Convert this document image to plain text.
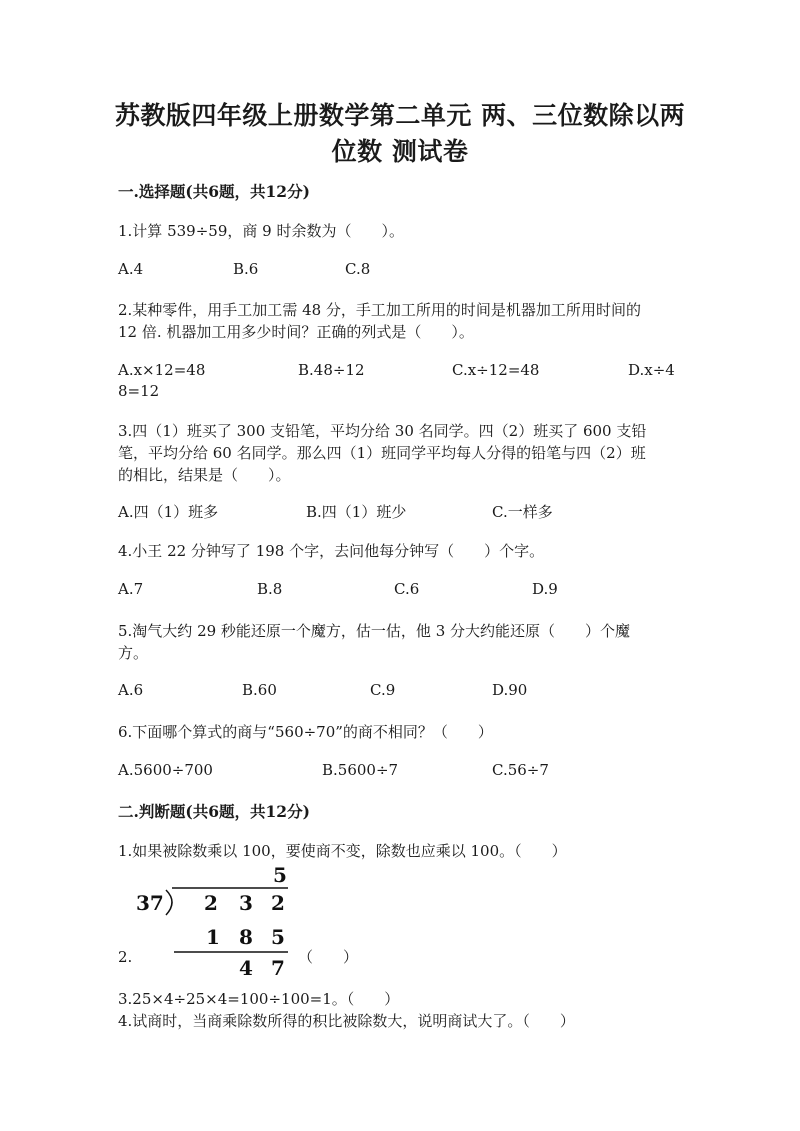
苏教版四年级上册数学第二单元 两、三位数除以两
位数 测试卷
一.选择题(共6题，共12分)
1.计算 539÷59，商 9 时余数为（　　）。
A.4	B.6	C.8
2.某种零件，用手工加工需 48 分，手工加工所用的时间是机器加工所用时间的
12 倍. 机器加工用多少时间？正确的列式是（　　）。
A.x×12=48	B.48÷12	C.x÷12=48	D.x÷4
8=12
3.四（1）班买了 300 支铅笔，平均分给 30 名同学。四（2）班买了 600 支铅
笔，平均分给 60 名同学。那么四（1）班同学平均每人分得的铅笔与四（2）班
的相比，结果是（　　）。
A.四（1）班多	B.四（1）班少	C.一样多
4.小王 22 分钟写了 198 个字，去问他每分钟写（　　）个字。
A.7	B.8	C.6	D.9
5.淘气大约 29 秒能还原一个魔方，估一估，他 3 分大约能还原（　　）个魔
方。
A.6	B.60	C.9	D.90
6.下面哪个算式的商与“560÷70”的商不相同？（　　）
A.5600÷700	B.5600÷7	C.56÷7
二.判断题(共6题，共12分)
1.如果被除数乘以 100，要使商不变，除数也应乘以 100。（　　）
5
37 2 3 2
1 8 5
4 7
2.	（　　）
3.25×4÷25×4=100÷100=1。（　　）
4.试商时，当商乘除数所得的积比被除数大，说明商试大了。（　　）
